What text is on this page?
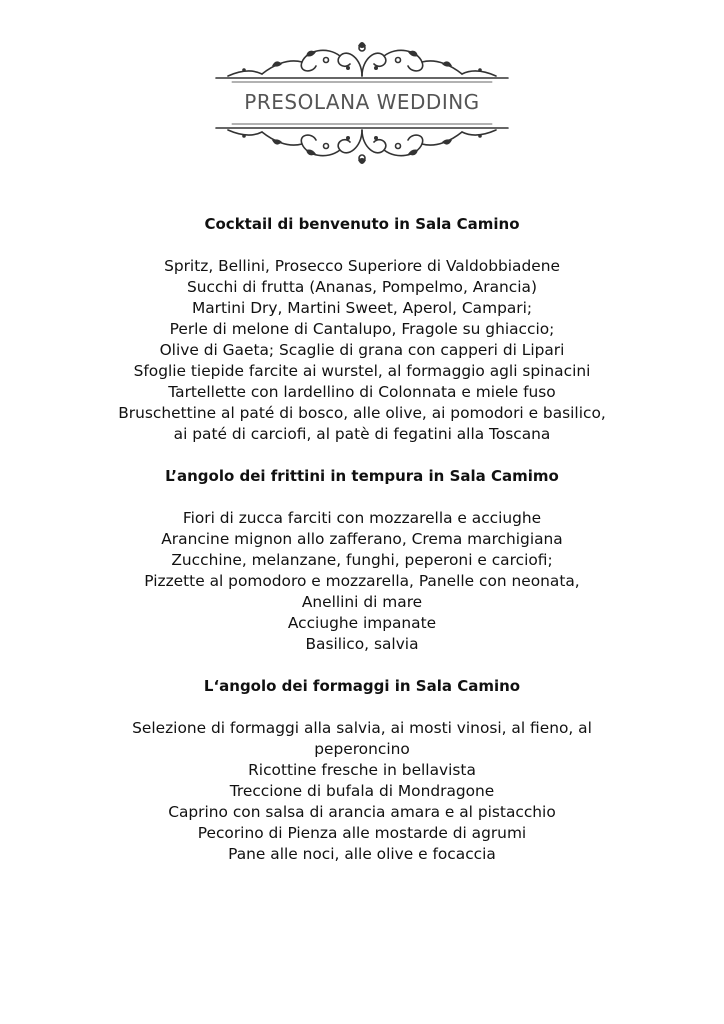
PRESOLANA WEDDING
Cocktail di benvenuto in Sala Camino
Spritz, Bellini, Prosecco Superiore di Valdobbiadene
Succhi di frutta (Ananas, Pompelmo, Arancia)
Martini Dry, Martini Sweet, Aperol, Campari;
Perle di melone di Cantalupo, Fragole su ghiaccio;
Olive di Gaeta; Scaglie di grana con capperi di Lipari
Sfoglie tiepide farcite ai wurstel, al formaggio agli spinacini
Tartellette con lardellino di Colonnata e miele fuso
Bruschettine al paté di bosco, alle olive, ai pomodori e basilico,
ai paté di carciofi, al patè di fegatini alla Toscana
L’angolo dei frittini in tempura in Sala Camimo
Fiori di zucca farciti con mozzarella e acciughe
Arancine mignon allo zafferano, Crema marchigiana
Zucchine, melanzane, funghi, peperoni e carciofi;
Pizzette al pomodoro e mozzarella, Panelle con neonata,
Anellini di mare
Acciughe impanate
Basilico, salvia
L‘angolo dei formaggi in Sala Camino
Selezione di formaggi alla salvia, ai mosti vinosi, al fieno, al
peperoncino
Ricottine fresche in bellavista
Treccione di bufala di Mondragone
Caprino con salsa di arancia amara e al pistacchio
Pecorino di Pienza alle mostarde di agrumi
Pane alle noci, alle olive e focaccia
